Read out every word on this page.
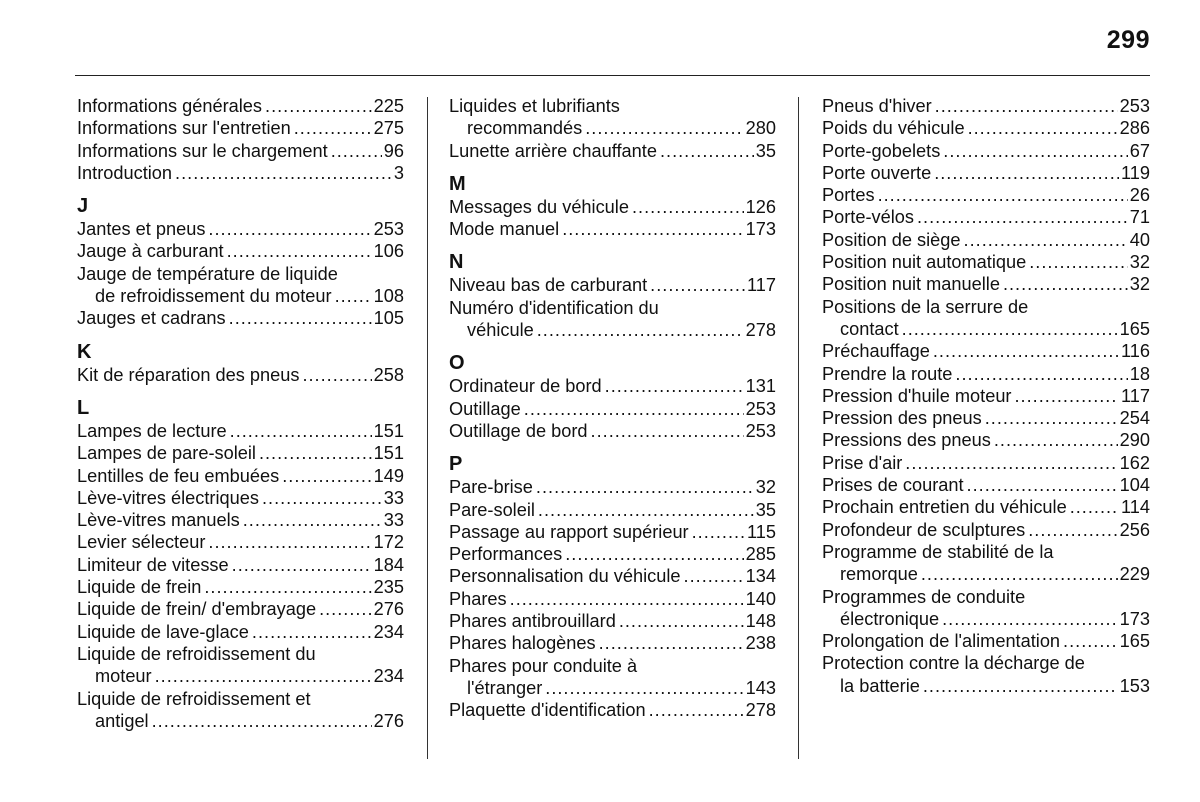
299
Informations générales .....	225
Informations sur l'entretien .....	275
Informations sur le chargement .....	96
Introduction .....	3
J
Jantes et pneus .....	253
Jauge à carburant .....	106
Jauge de température de liquide
de refroidissement du moteur ..... 108
Jauges et cadrans .....	105
K
Kit de réparation des pneus .....	258
L
Lampes de lecture .....	151
Lampes de pare-soleil .....	151
Lentilles de feu embuées .....	149
Lève-vitres électriques .....	33
Lève-vitres manuels .....	33
Levier sélecteur .....	172
Limiteur de vitesse .....	184
Liquide de frein .....	235
Liquide de frein/ d'embrayage .....	276
Liquide de lave-glace .....	234
Liquide de refroidissement du
moteur .....	234
Liquide de refroidissement et
antigel .....	276
Liquides et lubrifiants
recommandés .....	280
Lunette arrière chauffante .....	35
M
Messages du véhicule .....	126
Mode manuel .....	173
N
Niveau bas de carburant .....	117
Numéro d'identification du
véhicule .....	278
O
Ordinateur de bord .....	131
Outillage .....	253
Outillage de bord .....	253
P
Pare-brise .....	32
Pare-soleil .....	35
Passage au rapport supérieur .....	115
Performances .....	285
Personnalisation du véhicule .....	134
Phares .....	140
Phares antibrouillard .....	148
Phares halogènes .....	238
Phares pour conduite à
l'étranger .....	143
Plaquette d'identification .....	278
Pneus d'hiver .....	253
Poids du véhicule .....	286
Porte-gobelets .....	67
Porte ouverte .....	119
Portes .....	26
Porte-vélos .....	71
Position de siège .....	40
Position nuit automatique .....	32
Position nuit manuelle .....	32
Positions de la serrure de
contact .....	165
Préchauffage .....	116
Prendre la route .....	18
Pression d'huile moteur .....	117
Pression des pneus .....	254
Pressions des pneus .....	290
Prise d'air .....	162
Prises de courant .....	104
Prochain entretien du véhicule .....	114
Profondeur de sculptures .....	256
Programme de stabilité de la
remorque .....	229
Programmes de conduite
électronique .....	173
Prolongation de l'alimentation .....	165
Protection contre la décharge de
la batterie .....	153
